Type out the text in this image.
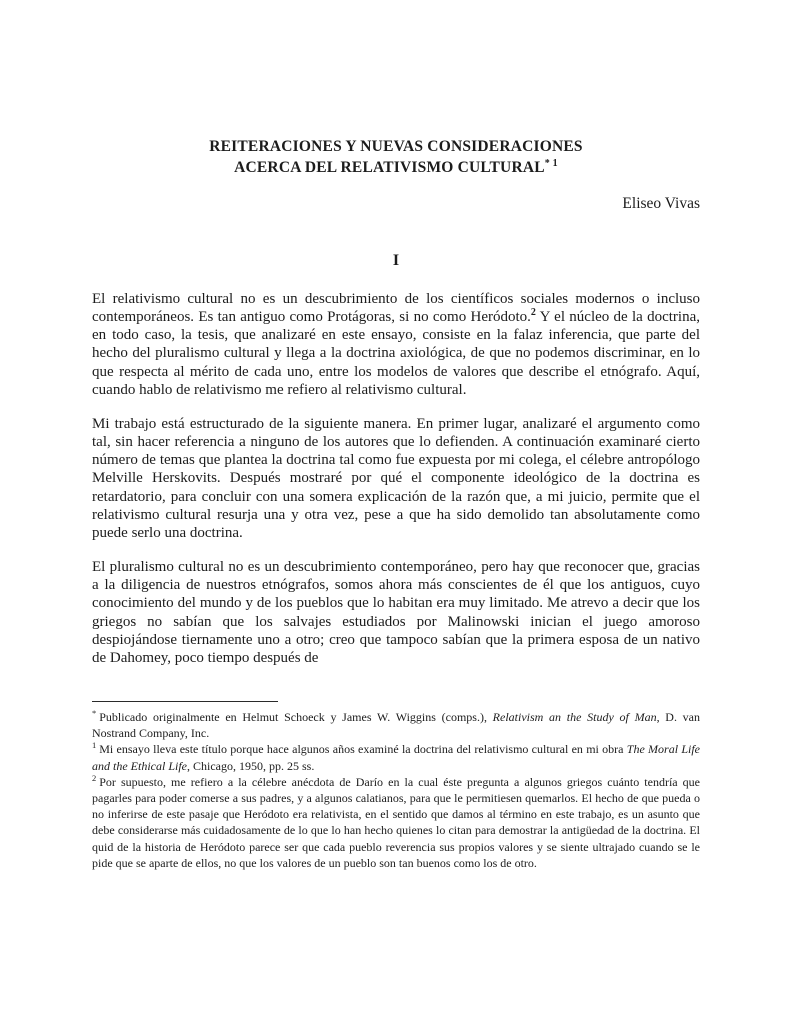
REITERACIONES Y NUEVAS CONSIDERACIONES
ACERCA DEL RELATIVISMO CULTURAL$^{* 1}$
Eliseo Vivas
I

El relativismo cultural no es un descubrimiento de los científicos sociales modernos o incluso contemporáneos. Es tan antiguo como Protágoras, si no como Heródoto.$^2$ Y el núcleo de la doctrina, en todo caso, la tesis, que analizaré en este ensayo, consiste en la falaz inferencia, que parte del hecho del pluralismo cultural y llega a la doctrina axiológica, de que no podemos discriminar, en lo que respecta al mérito de cada uno, entre los modelos de valores que describe el etnógrafo. Aquí, cuando hablo de relativismo me refiero al relativismo cultural.

Mi trabajo está estructurado de la siguiente manera. En primer lugar, analizaré el argumento como tal, sin hacer referencia a ninguno de los autores que lo defienden. A continuación examinaré cierto número de temas que plantea la doctrina tal como fue expuesta por mi colega, el célebre antropólogo Melville Herskovits. Después mostraré por qué el componente ideológico de la doctrina es retardatorio, para concluir con una somera explicación de la razón que, a mi juicio, permite que el relativismo cultural resurja una y otra vez, pese a que ha sido demolido tan absolutamente como puede serlo una doctrina.

El pluralismo cultural no es un descubrimiento contemporáneo, pero hay que reconocer que, gracias a la diligencia de nuestros etnógrafos, somos ahora más conscientes de él que los antiguos, cuyo conocimiento del mundo y de los pueblos que lo habitan era muy limitado. Me atrevo a decir que los griegos no sabían que los salvajes estudiados por Malinowski inician el juego amoroso despiojándose tiernamente uno a otro; creo que tampoco sabían que la primera esposa de un nativo de Dahomey, poco tiempo después de

* Publicado originalmente en Helmut Schoeck y James W. Wiggins (comps.), Relativism an the Study of Man, D. van Nostrand Company, Inc.

$^1$ Mi ensayo lleva este título porque hace algunos años examiné la doctrina del relativismo cultural en mi obra The Moral Life and the Ethical Life, Chicago, 1950, pp. 25 ss.

$^2$ Por supuesto, me refiero a la célebre anécdota de Darío en la cual éste pregunta a algunos griegos cuánto tendría que pagarles para poder comerse a sus padres, y a algunos calatianos, para que le permitiesen quemarlos. El hecho de que pueda o no inferirse de este pasaje que Heródoto era relativista, en el sentido que damos al término en este trabajo, es un asunto que debe considerarse más cuidadosamente de lo que lo han hecho quienes lo citan para demostrar la antigüedad de la doctrina. El quid de la historia de Heródoto parece ser que cada pueblo reverencia sus propios valores y se siente ultrajado cuando se le pide que se aparte de ellos, no que los valores de un pueblo son tan buenos como los de otro.
